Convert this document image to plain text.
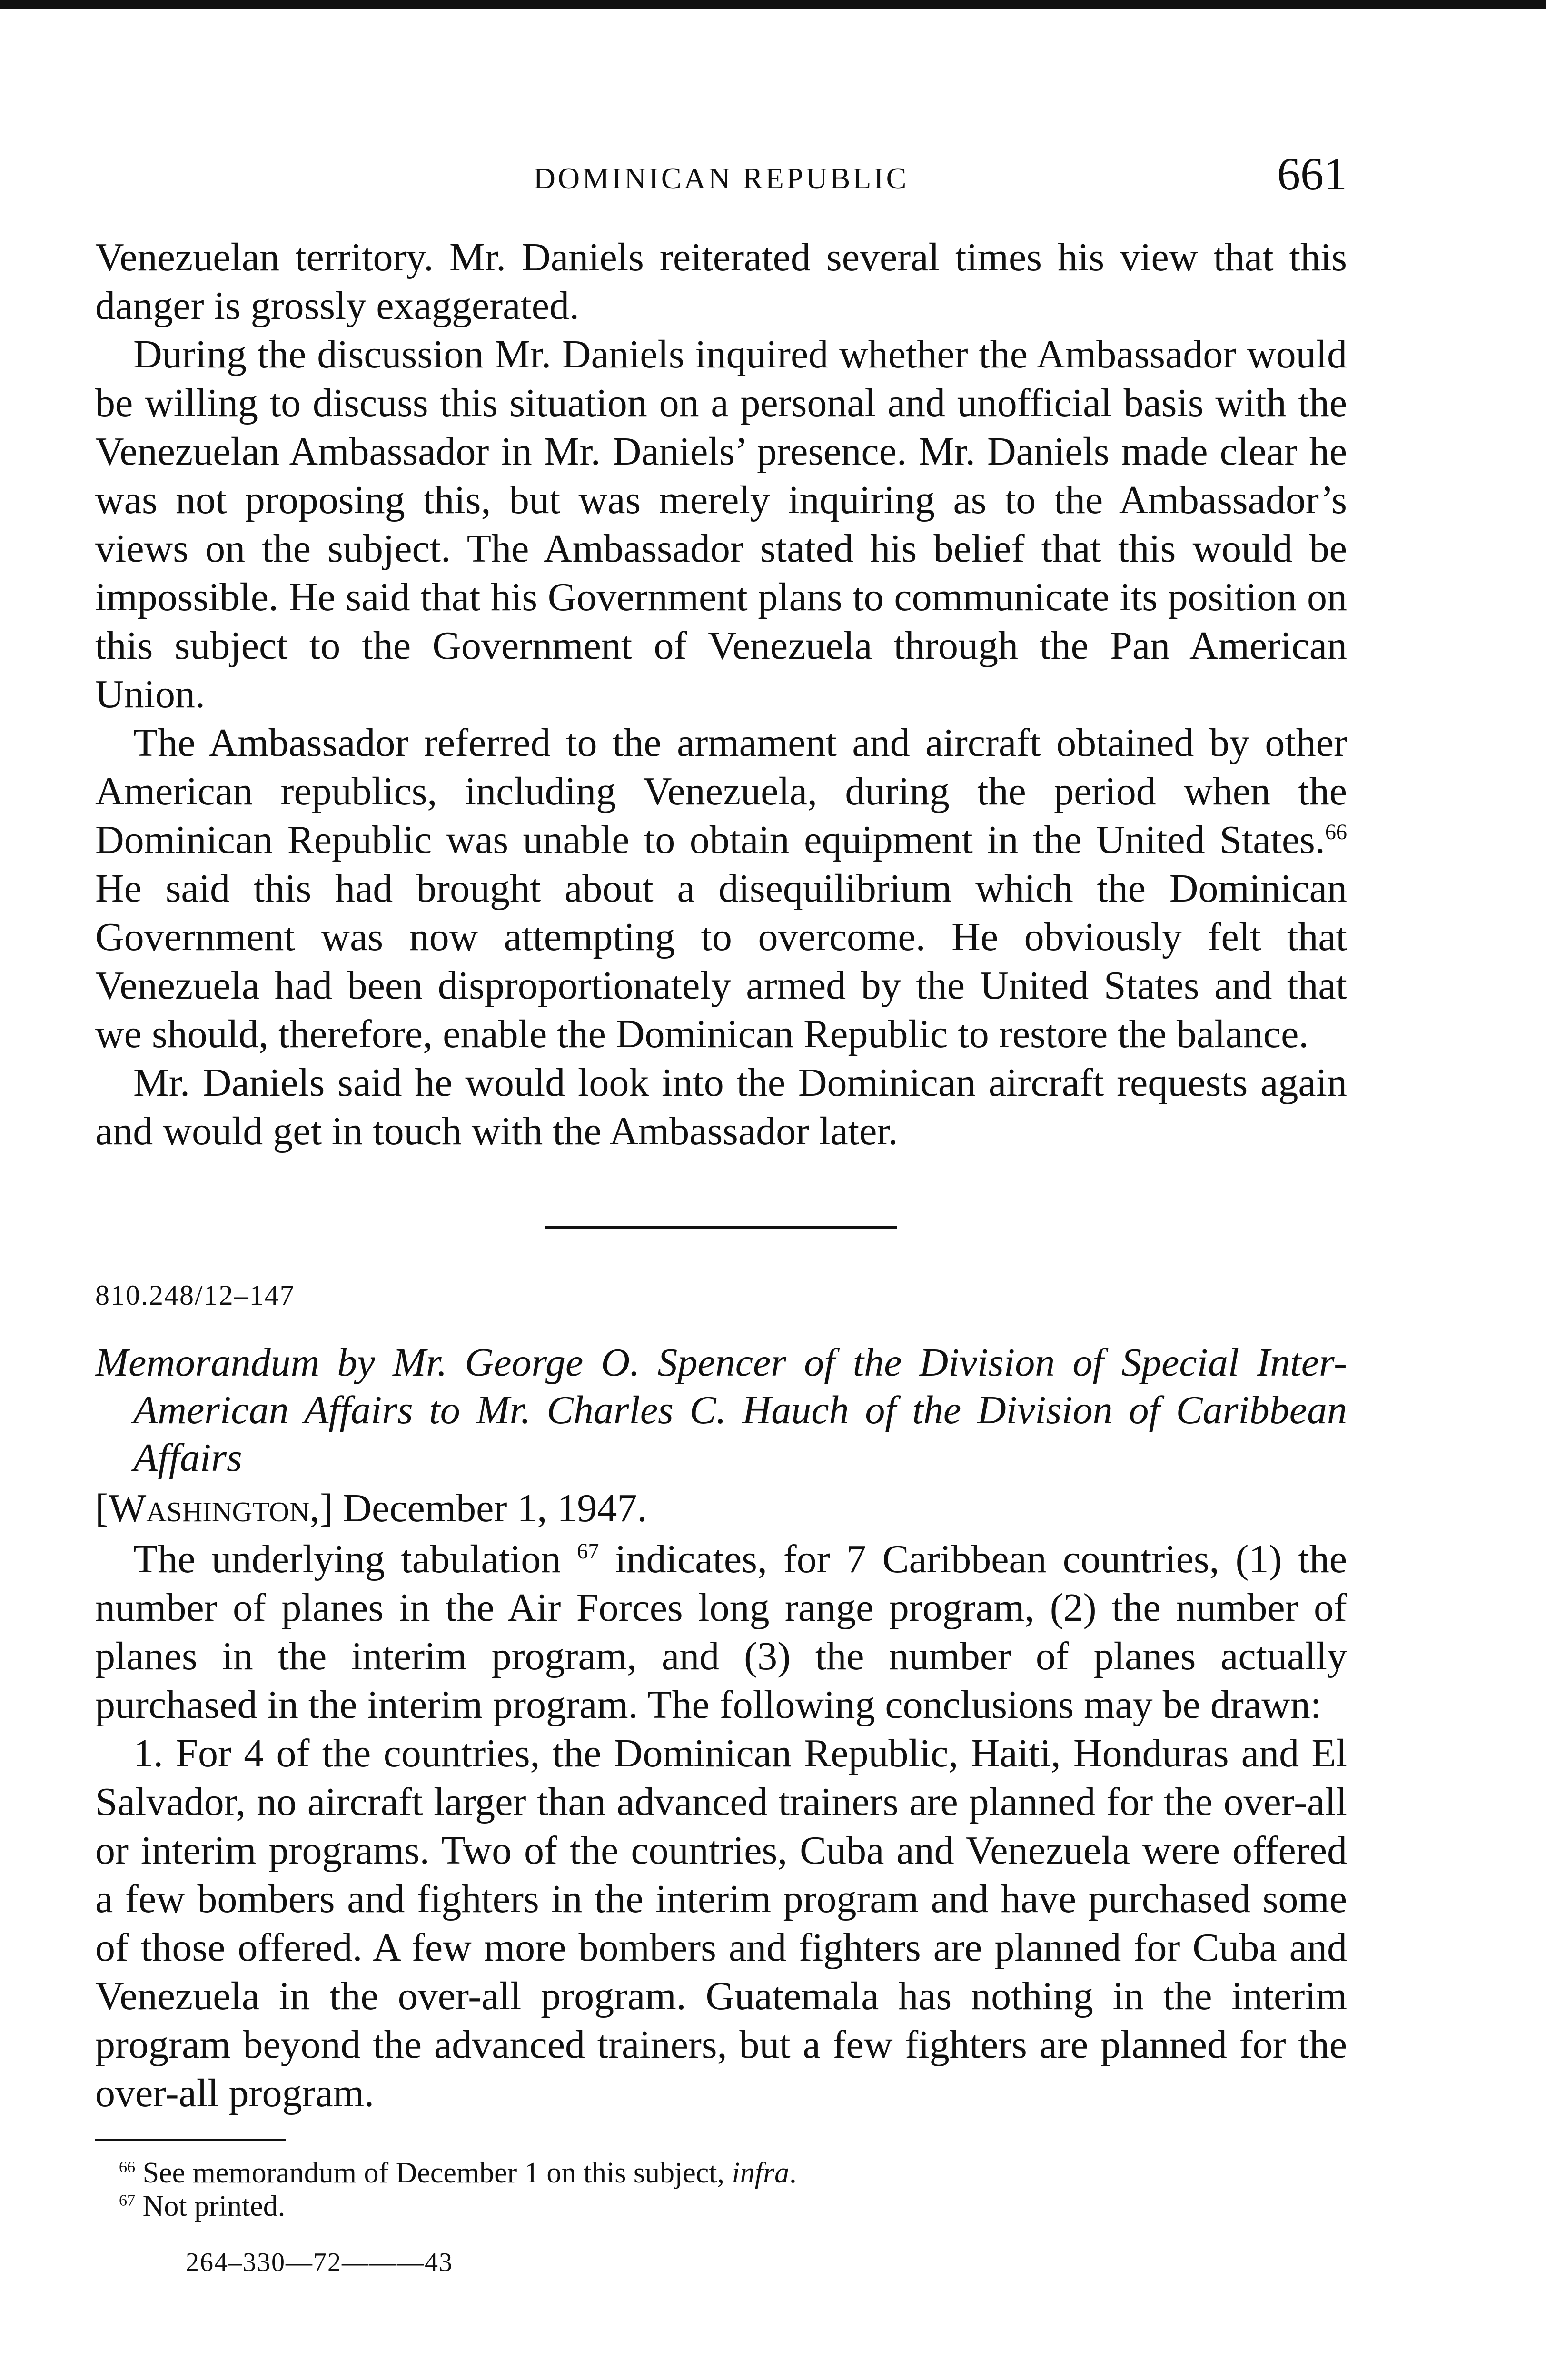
DOMINICAN REPUBLIC	661

Venezuelan territory. Mr. Daniels reiterated several times his view that this danger is grossly exaggerated.

During the discussion Mr. Daniels inquired whether the Ambassador would be willing to discuss this situation on a personal and unofficial basis with the Venezuelan Ambassador in Mr. Daniels’ presence. Mr. Daniels made clear he was not proposing this, but was merely inquiring as to the Ambassador’s views on the subject. The Ambassador stated his belief that this would be impossible. He said that his Government plans to communicate its position on this subject to the Government of Venezuela through the Pan American Union.

The Ambassador referred to the armament and aircraft obtained by other American republics, including Venezuela, during the period when the Dominican Republic was unable to obtain equipment in the United States.$^{66}$ He said this had brought about a disequilibrium which the Dominican Government was now attempting to overcome. He obviously felt that Venezuela had been disproportionately armed by the United States and that we should, therefore, enable the Dominican Republic to restore the balance.

Mr. Daniels said he would look into the Dominican aircraft requests again and would get in touch with the Ambassador later.

810.248/12–147

Memorandum by Mr. George O. Spencer of the Division of Special Inter-American Affairs to Mr. Charles C. Hauch of the Division of Caribbean Affairs

[Washington,] December 1, 1947.

The underlying tabulation $^{67}$ indicates, for 7 Caribbean countries, (1) the number of planes in the Air Forces long range program, (2) the number of planes in the interim program, and (3) the number of planes actually purchased in the interim program. The following conclusions may be drawn:

1. For 4 of the countries, the Dominican Republic, Haiti, Honduras and El Salvador, no aircraft larger than advanced trainers are planned for the over-all or interim programs. Two of the countries, Cuba and Venezuela were offered a few bombers and fighters in the interim program and have purchased some of those offered. A few more bombers and fighters are planned for Cuba and Venezuela in the over-all program. Guatemala has nothing in the interim program beyond the advanced trainers, but a few fighters are planned for the over-all program.

$^{66}$ See memorandum of December 1 on this subject, infra.
$^{67}$ Not printed.
264–330—72———43
